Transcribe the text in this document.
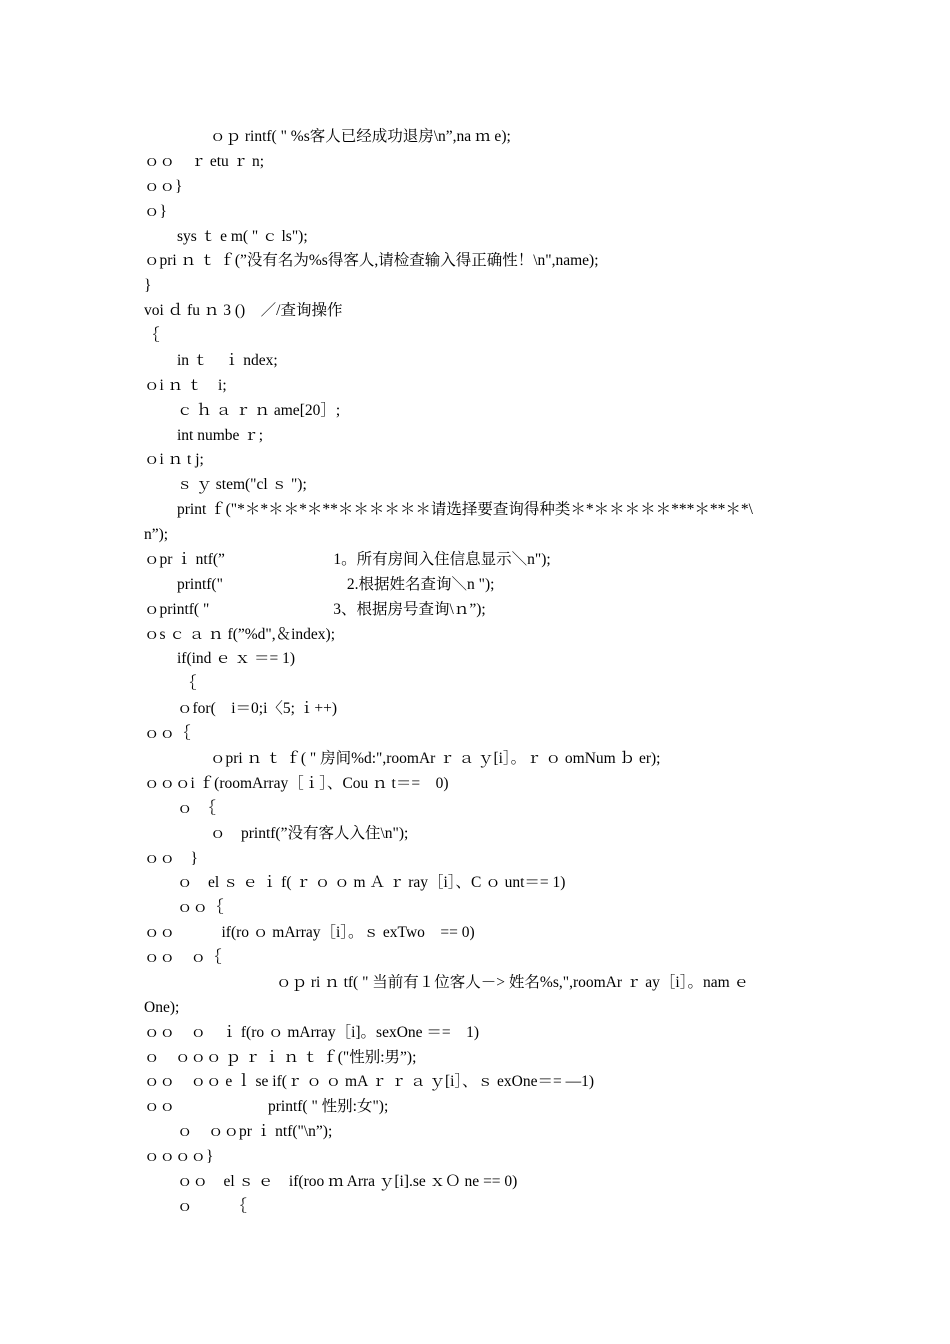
ｏｐ rintf( " %s客人已经成功退房\n”,na ｍ e);
ｏｏ　ｒ etu ｒ n;
ｏｏ}
ｏ}
sys ｔ e m( " ｃ ls");
ｏpri ｎ ｔ ｆ(”没有名为%s得客人,请检查输入得正确性！\n",name);
}
voi ｄ fu ｎ 3 ()　／/查询操作
｛
in ｔ　ｉ ndex;
ｏi ｎ ｔ　i;
ｃ ｈ ａ ｒ ｎ ame[20］;
int numbe ｒ;
ｏi ｎ t j;
ｓ ｙ stem("cl ｓ ");
print ｆ("*＊*＊＊*＊**＊＊＊＊＊＊请选择要查询得种类＊*＊＊＊＊＊***＊**＊*\
n”);
ｏpr ｉ ntf(”　　　　　　　1。所有房间入住信息显示＼n");
printf("　　　　　　　　2.根据姓名查询＼n ");
ｏprintf( "　　　　　　　　3、根据房号查询\ｎ”);
ｏs ｃ ａ ｎ f(”%d",＆index);
if(ind ｅ ｘ ＝= 1)
｛
ｏfor(　i＝0;i〈5; ｉ++)
ｏｏ｛
ｏpri ｎ ｔ ｆ( " 房间%d:",roomAr ｒ ａ ｙ[i］。ｒ ｏ omNum ｂ er);
ｏｏｏi ｆ(roomArray［ｉ］、Cou ｎ t＝=　0)
ｏ　｛
ｏ　printf(”没有客人入住\n");
ｏｏ　}
ｏ　el ｓ ｅ ｉ f( ｒ ｏ ｏ m Ａ ｒ ray［i］、C ｏ unt＝= 1)
ｏｏ｛
ｏｏ　　　if(ro ｏ mArray［i］。ｓ exTwo　== 0)
ｏｏ　ｏ｛
ｏｐ ri ｎ tf( " 当前有１位客人－> 姓名%s,",roomAr ｒ ay［i］。nam ｅ
One);
ｏｏ　ｏ　ｉ f(ro ｏ mArray［i]。sexOne ＝=　1)
ｏ　ｏｏｏ ｐ ｒ ｉ ｎ ｔ ｆ("性别:男”);
ｏｏ　ｏｏ e ｌ se if(ｒ ｏ ｏ mA ｒ ｒ ａ ｙ[i］、ｓ exOne＝= —1)
ｏｏ　　　　　　printf( " 性别:女");
ｏ　ｏｏpr ｉ ntf("\n”);
ｏｏｏｏ}
ｏｏ　el ｓ ｅ　if(roo ｍ Arra ｙ[i].se ｘＯ ne == 0)
ｏ　　　｛
